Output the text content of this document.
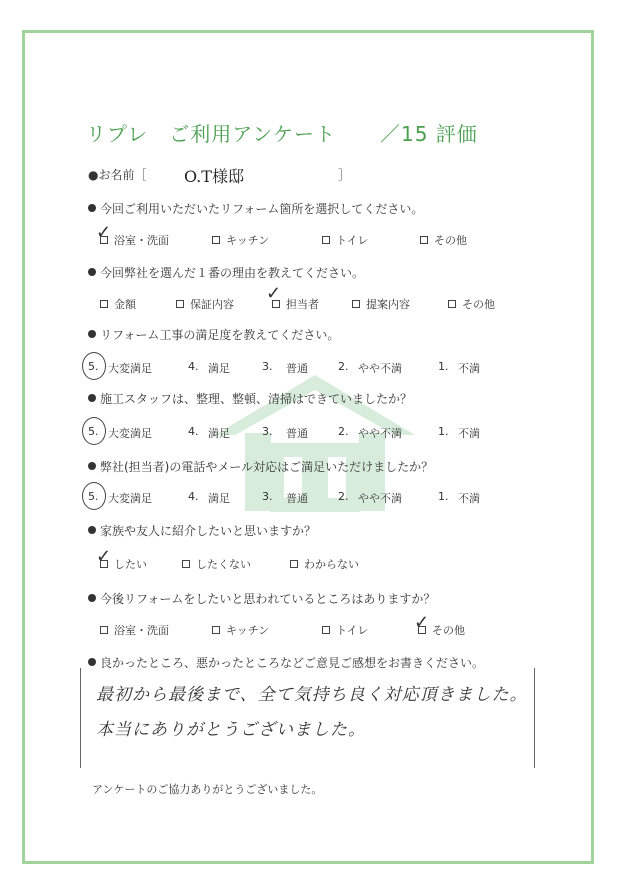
リプレ　ご利用アンケート ／15 評価
●お名前［ O.T様邸	］
今回ご利用いただいたリフォーム箇所を選択してください。
✓ 浴室・洗面	キッチン	トイレ	その他
今回弊社を選んだ１番の理由を教えてください。
金額	保証内容	担当者	提案内容	その他
✓
リフォーム工事の満足度を教えてください。
5. 大変満足	4. 満足	3. 普通	2. やや不満	1. 不満
施工スタッフは、整理、整頓、清掃はできていましたか？
5. 大変満足	4. 満足	3. 普通	2. やや不満	1. 不満
弊社(担当者)の電話やメール対応はご満足いただけましたか？
5. 大変満足	4. 満足	3. 普通	2. やや不満	1. 不満
家族や友人に紹介したいと思いますか？
✓ したい	したくない	わからない
今後リフォームをしたいと思われているところはありますか？
浴室・洗面	キッチン	トイレ	✓ その他
良かったところ、悪かったところなどご意見ご感想をお書きください。
最初から最後まで、全て気持ち良く対応頂きました。
本当にありがとうございました。
アンケートのご協力ありがとうございました。
